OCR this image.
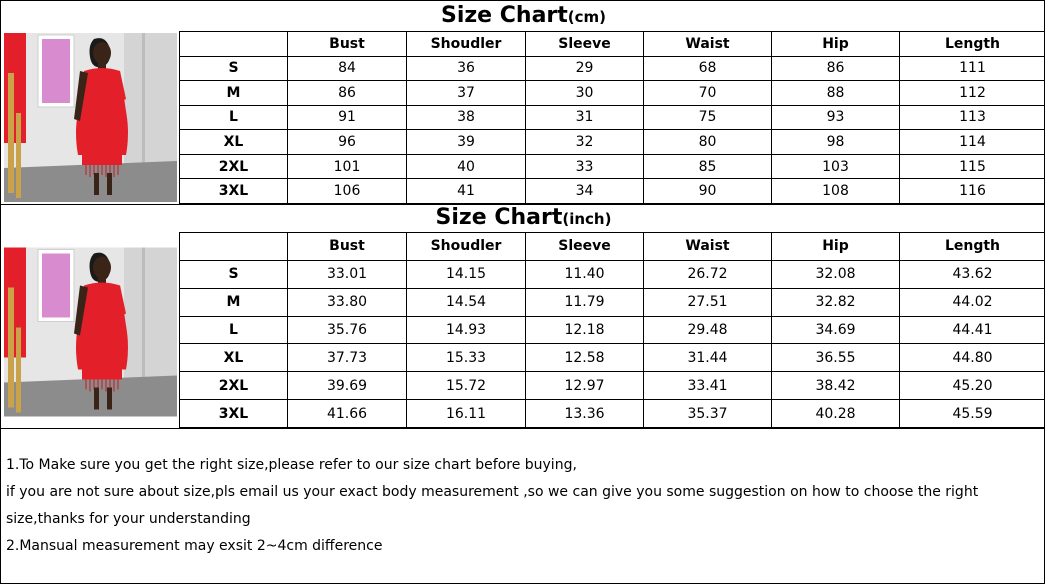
Size Chart(cm)
	Bust	Shoudler	Sleeve	Waist	Hip	Length
S	84	36	29	68	86	111
M	86	37	30	70	88	112
L	91	38	31	75	93	113
XL	96	39	32	80	98	114
2XL	101	40	33	85	103	115
3XL	106	41	34	90	108	116
Size Chart(inch)
	Bust	Shoudler	Sleeve	Waist	Hip	Length
S	33.01	14.15	11.40	26.72	32.08	43.62
M	33.80	14.54	11.79	27.51	32.82	44.02
L	35.76	14.93	12.18	29.48	34.69	44.41
XL	37.73	15.33	12.58	31.44	36.55	44.80
2XL	39.69	15.72	12.97	33.41	38.42	45.20
3XL	41.66	16.11	13.36	35.37	40.28	45.59

1.To Make sure you get the right size,please refer to our size chart before buying,

if you are not sure about size,pls email us your exact body measurement ,so we can give you some suggestion on how to choose the right

size,thanks for your understanding

2.Mansual measurement may exsit 2~4cm difference
